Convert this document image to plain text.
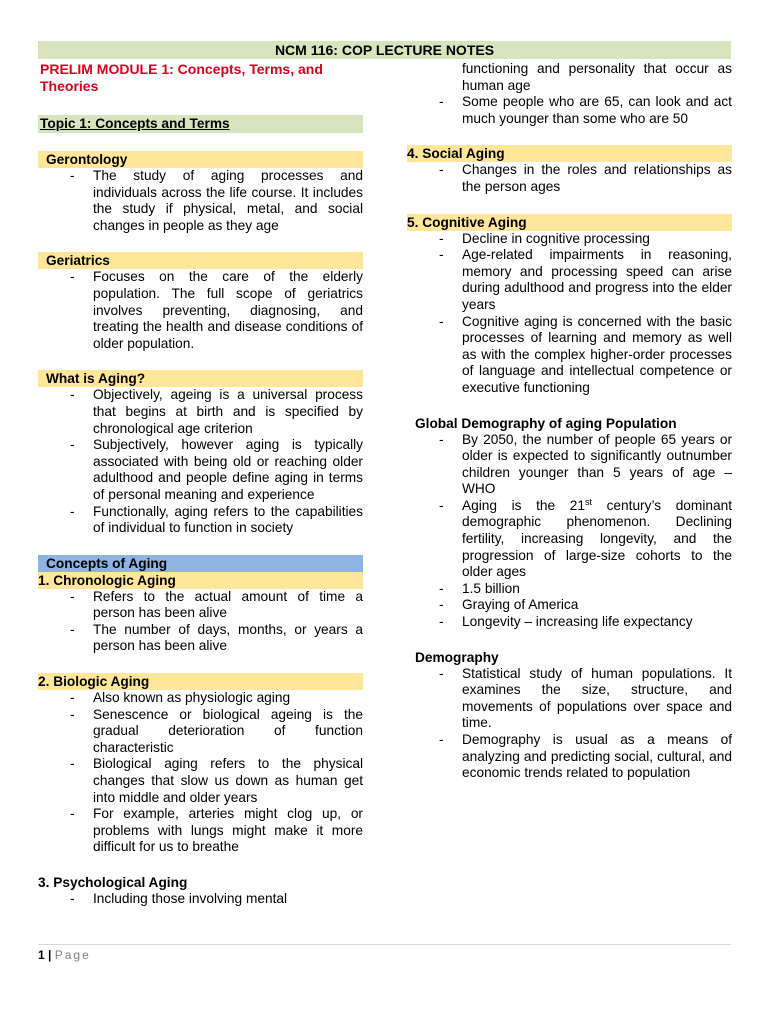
NCM 116: COP LECTURE NOTES
PRELIM MODULE 1: Concepts, Terms, and Theories
Topic 1: Concepts and Terms
Gerontology
- The study of aging processes and individuals across the life course. It includes the study if physical, metal, and social changes in people as they age
Geriatrics
- Focuses on the care of the elderly population. The full scope of geriatrics involves preventing, diagnosing, and treating the health and disease conditions of older population.
What is Aging?
- Objectively, ageing is a universal process that begins at birth and is specified by chronological age criterion
- Subjectively, however aging is typically associated with being old or reaching older adulthood and people define aging in terms of personal meaning and experience
- Functionally, aging refers to the capabilities of individual to function in society
Concepts of Aging
1. Chronologic Aging
- Refers to the actual amount of time a person has been alive
- The number of days, months, or years a person has been alive
2. Biologic Aging
- Also known as physiologic aging
- Senescence or biological ageing is the gradual deterioration of function characteristic
- Biological aging refers to the physical changes that slow us down as human get into middle and older years
- For example, arteries might clog up, or problems with lungs might make it more difficult for us to breathe
3. Psychological Aging
- Including those involving mental
functioning and personality that occur as human age
- Some people who are 65, can look and act much younger than some who are 50
4. Social Aging
- Changes in the roles and relationships as the person ages
5. Cognitive Aging
- Decline in cognitive processing
- Age-related impairments in reasoning, memory and processing speed can arise during adulthood and progress into the elder years
- Cognitive aging is concerned with the basic processes of learning and memory as well as with the complex higher-order processes of language and intellectual competence or executive functioning
Global Demography of aging Population
- By 2050, the number of people 65 years or older is expected to significantly outnumber children younger than 5 years of age – WHO
- Aging is the 21st century’s dominant demographic phenomenon. Declining fertility, increasing longevity, and the progression of large-size cohorts to the older ages
- 1.5 billion
- Graying of America
- Longevity – increasing life expectancy
Demography
- Statistical study of human populations. It examines the size, structure, and movements of populations over space and time.
- Demography is usual as a means of analyzing and predicting social, cultural, and economic trends related to population
1 | Page
